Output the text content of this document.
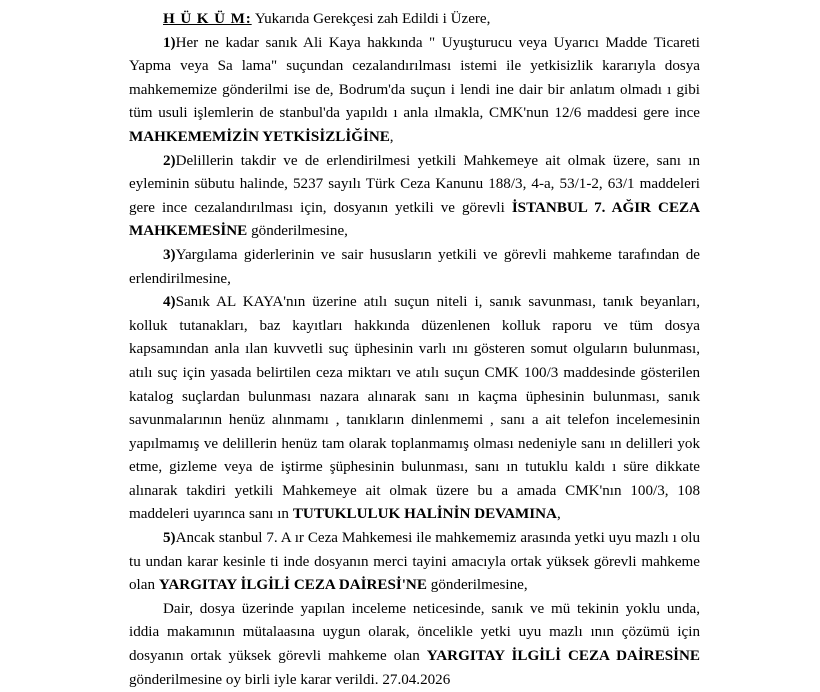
H Ü K Ü M: Yukarıda Gerekçesi zah Edildi i Üzere,

1)Her ne kadar sanık Ali Kaya hakkında " Uyuşturucu veya Uyarıcı Madde Ticareti Yapma veya Sa lama" suçundan cezalandırılması istemi ile yetkisizlik kararıyla dosya mahkememize gönderilmi ise de, Bodrum'da suçun i lendi ine dair bir anlatım olmadı ı gibi tüm usuli işlemlerin de stanbul'da yapıldı ı anla ılmakla, CMK'nun 12/6 maddesi gere ince MAHKEMEMİZİN YETKİSİZLİĞİNE,

2)Delillerin takdir ve de erlendirilmesi yetkili Mahkemeye ait olmak üzere, sanı ın eyleminin sübutu halinde, 5237 sayılı Türk Ceza Kanunu 188/3, 4-a, 53/1-2, 63/1 maddeleri gere ince cezalandırılması için, dosyanın yetkili ve görevli İSTANBUL 7. AĞIR CEZA MAHKEMESİNE gönderilmesine,

3)Yargılama giderlerinin ve sair hususların yetkili ve görevli mahkeme tarafından de erlendirilmesine,

4)Sanık AL KAYA'nın üzerine atılı suçun niteli i, sanık savunması, tanık beyanları, kolluk tutanakları, baz kayıtları hakkında düzenlenen kolluk raporu ve tüm dosya kapsamından anla ılan kuvvetli suç üphesinin varlı ını gösteren somut olguların bulunması, atılı suç için yasada belirtilen ceza miktarı ve atılı suçun CMK 100/3 maddesinde gösterilen katalog suçlardan bulunması nazara alınarak sanı ın kaçma üphesinin bulunması, sanık savunmalarının henüz alınmamı , tanıkların dinlenmemi , sanı a ait telefon incelemesinin yapılmamış ve delillerin henüz tam olarak toplanmamış olması nedeniyle sanı ın delilleri yok etme, gizleme veya de iştirme şüphesinin bulunması, sanı ın tutuklu kaldı ı süre dikkate alınarak takdiri yetkili Mahkemeye ait olmak üzere bu a amada CMK'nın 100/3, 108 maddeleri uyarınca sanı ın TUTUKLULUK HALİNİN DEVAMINA,

5)Ancak stanbul 7. A ır Ceza Mahkemesi ile mahkememiz arasında yetki uyu mazlı ı olu tu undan karar kesinle ti inde dosyanın merci tayini amacıyla ortak yüksek görevli mahkeme olan YARGITAY İLGİLİ CEZA DAİRESİ'NE gönderilmesine,

Dair, dosya üzerinde yapılan inceleme neticesinde, sanık ve mü tekinin yoklu unda, iddia makamının mütalaasına uygun olarak, öncelikle yetki uyu mazlı ının çözümü için dosyanın ortak yüksek görevli mahkeme olan YARGITAY İLGİLİ CEZA DAİRESİNE gönderilmesine oy birli iyle karar verildi. 27.04.2026
